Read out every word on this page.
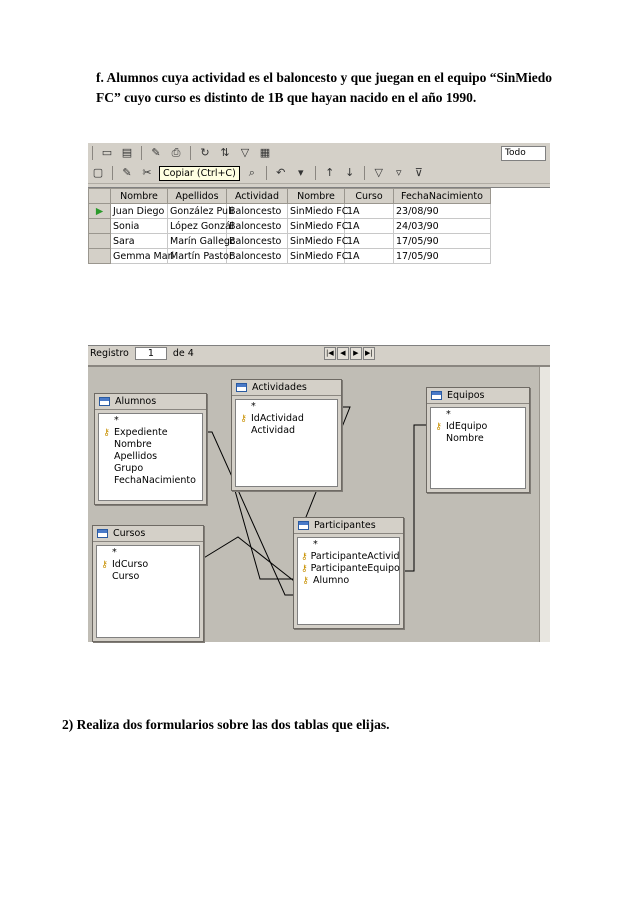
f. Alumnos cuya actividad es el baloncesto y que juegan en el equipo “SinMiedo FC” cuyo curso es distinto de 1B que hayan nacido en el año 1990.
▭ ▤ ✎ ⎙ ↻ ⇅ ▽ ▦	Todo
▢ ✎ ✂	Copiar (Ctrl+C)	⌕	↶	▾	↑ ↓ ▽	▿	⊽
	Nombre	Apellidos	Actividad	Nombre	Curso	FechaNacimiento
▶	Juan Diego	González Puli	Baloncesto	SinMiedo FC	1A	23/08/90
	Sonia	López Gonzál	Baloncesto	SinMiedo FC	1A	24/03/90
	Sara	Marín Gallegc	Baloncesto	SinMiedo FC	1A	17/05/90
	Gemma Mari	Martín Pastor	Baloncesto	SinMiedo FC	1A	17/05/90
Registro	1	de 4	|◀ ◀ ▶ ▶|
Alumnos
*
⚷ Expediente
Nombre
Apellidos
Grupo
FechaNacimiento
Actividades
*
⚷ IdActividad
Actividad
Equipos
*
⚷ IdEquipo
Nombre
Cursos
*
⚷ IdCurso
Curso
Participantes
*
⚷ ParticipanteActivid
⚷ ParticipanteEquipo
⚷ Alumno
2) Realiza dos formularios sobre las dos tablas que elijas.
